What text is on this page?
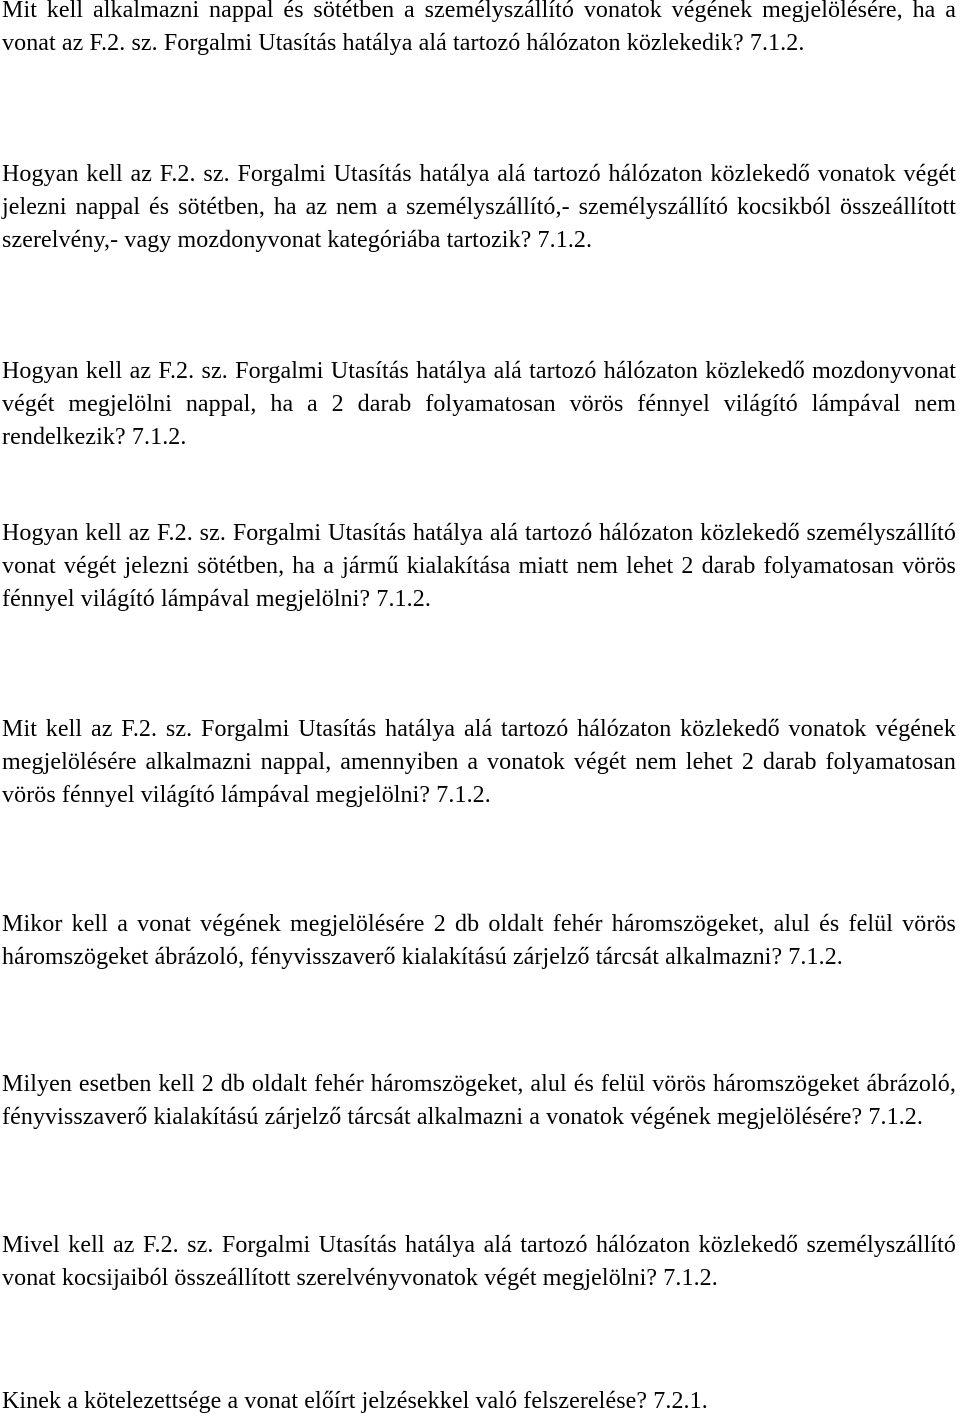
Mit kell alkalmazni nappal és sötétben a személyszállító vonatok végének megjelölésére, ha a vonat az F.2. sz. Forgalmi Utasítás hatálya alá tartozó hálózaton közlekedik? 7.1.2.

Hogyan kell az F.2. sz. Forgalmi Utasítás hatálya alá tartozó hálózaton közlekedő vonatok végét jelezni nappal és sötétben, ha az nem a személyszállító,- személyszállító kocsikból összeállított szerelvény,- vagy mozdonyvonat kategóriába tartozik? 7.1.2.

Hogyan kell az F.2. sz. Forgalmi Utasítás hatálya alá tartozó hálózaton közlekedő mozdonyvonat végét megjelölni nappal, ha a 2 darab folyamatosan vörös fénnyel világító lámpával nem rendelkezik? 7.1.2.

Hogyan kell az F.2. sz. Forgalmi Utasítás hatálya alá tartozó hálózaton közlekedő személyszállító vonat végét jelezni sötétben, ha a jármű kialakítása miatt nem lehet 2 darab folyamatosan vörös fénnyel világító lámpával megjelölni? 7.1.2.

Mit kell az F.2. sz. Forgalmi Utasítás hatálya alá tartozó hálózaton közlekedő vonatok végének megjelölésére alkalmazni nappal, amennyiben a vonatok végét nem lehet 2 darab folyamatosan vörös fénnyel világító lámpával megjelölni? 7.1.2.

Mikor kell a vonat végének megjelölésére 2 db oldalt fehér háromszögeket, alul és felül vörös háromszögeket ábrázoló, fényvisszaverő kialakítású zárjelző tárcsát alkalmazni? 7.1.2.

Milyen esetben kell 2 db oldalt fehér háromszögeket, alul és felül vörös háromszögeket ábrázoló, fényvisszaverő kialakítású zárjelző tárcsát alkalmazni a vonatok végének megjelölésére? 7.1.2.

Mivel kell az F.2. sz. Forgalmi Utasítás hatálya alá tartozó hálózaton közlekedő személyszállító vonat kocsijaiból összeállított szerelvényvonatok végét megjelölni? 7.1.2.

Kinek a kötelezettsége a vonat előírt jelzésekkel való felszerelése? 7.2.1.
